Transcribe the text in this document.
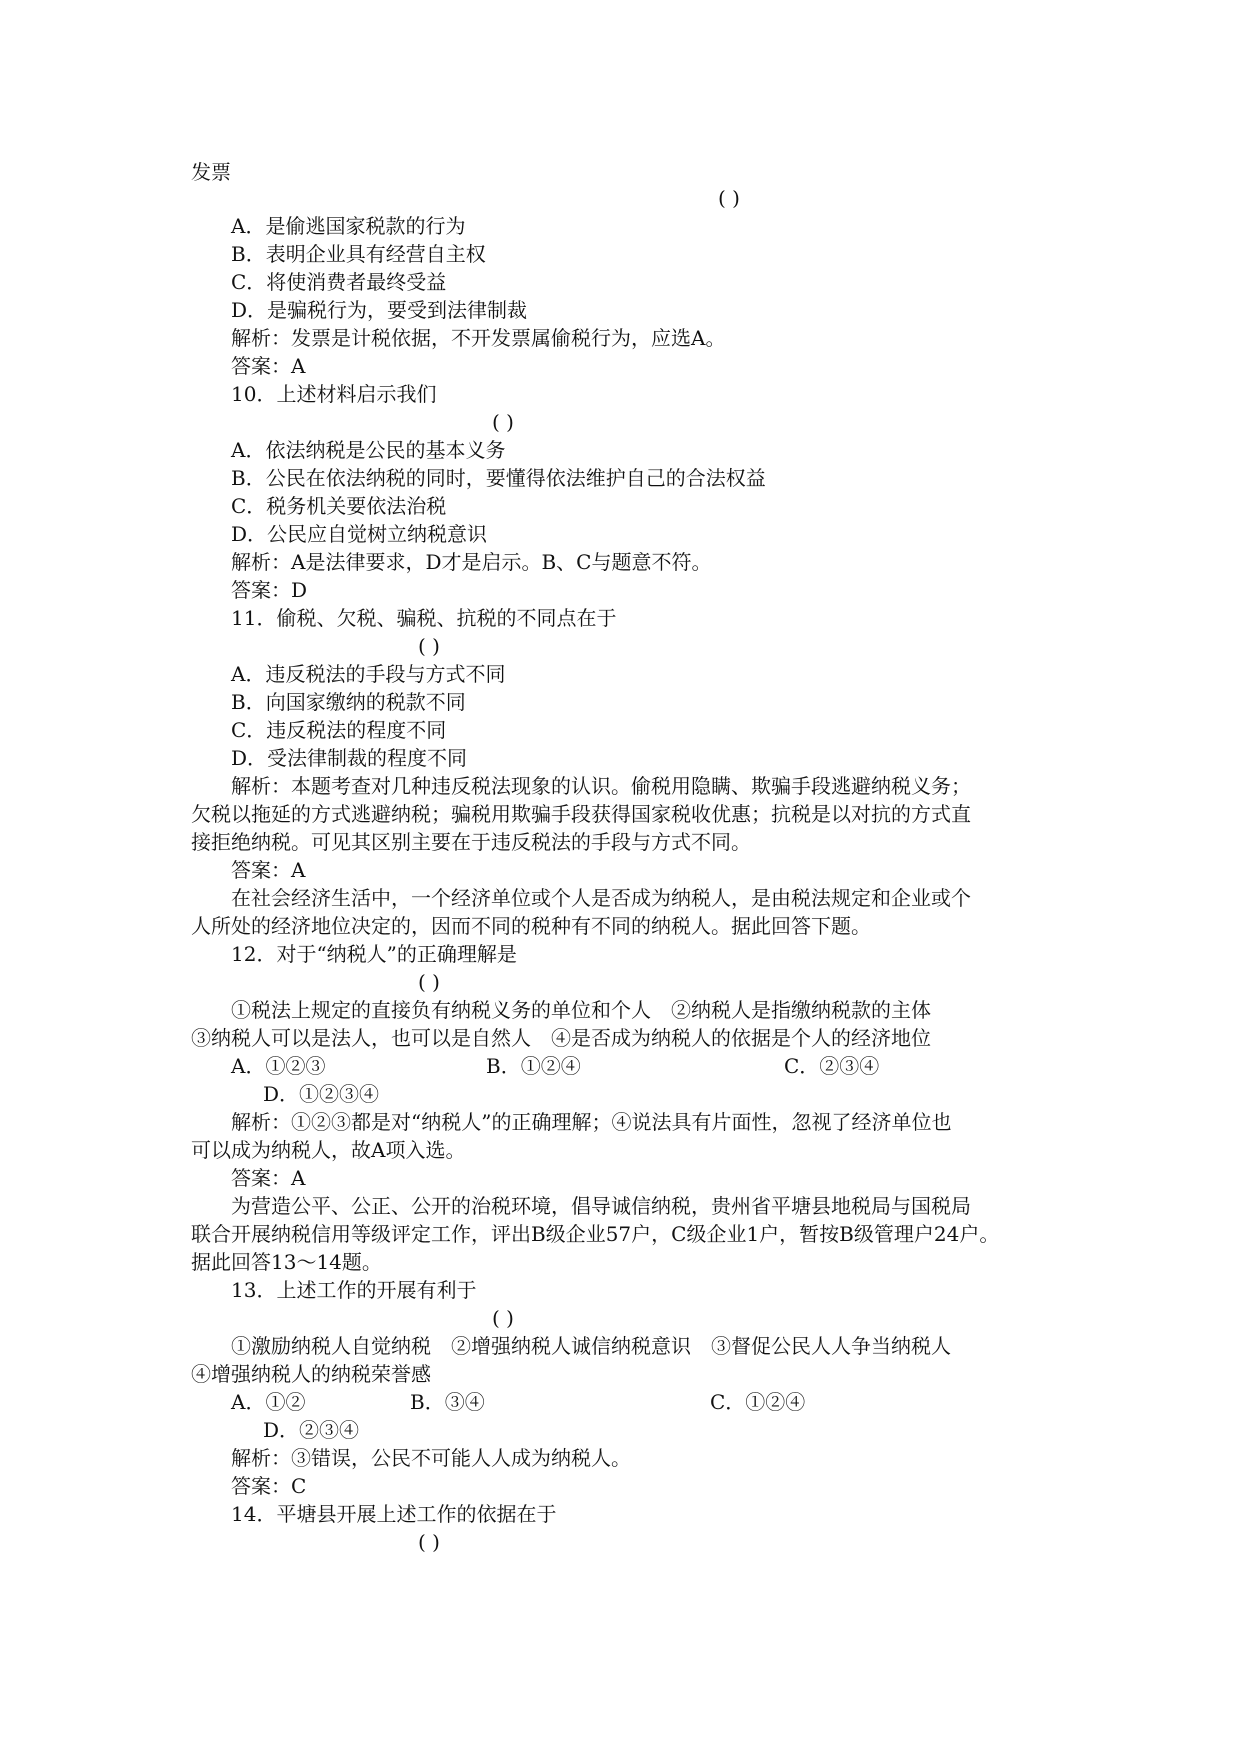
发票
( )
A．是偷逃国家税款的行为
B．表明企业具有经营自主权
C．将使消费者最终受益
D．是骗税行为，要受到法律制裁
解析：发票是计税依据，不开发票属偷税行为，应选A。
答案：A
10．上述材料启示我们
( )
A．依法纳税是公民的基本义务
B．公民在依法纳税的同时，要懂得依法维护自己的合法权益
C．税务机关要依法治税
D．公民应自觉树立纳税意识
解析：A是法律要求，D才是启示。B、C与题意不符。
答案：D
11．偷税、欠税、骗税、抗税的不同点在于
( )
A．违反税法的手段与方式不同
B．向国家缴纳的税款不同
C．违反税法的程度不同
D．受法律制裁的程度不同
解析：本题考查对几种违反税法现象的认识。偷税用隐瞒、欺骗手段逃避纳税义务；
欠税以拖延的方式逃避纳税；骗税用欺骗手段获得国家税收优惠；抗税是以对抗的方式直
接拒绝纳税。可见其区别主要在于违反税法的手段与方式不同。
答案：A
在社会经济生活中，一个经济单位或个人是否成为纳税人，是由税法规定和企业或个
人所处的经济地位决定的，因而不同的税种有不同的纳税人。据此回答下题。
12．对于“纳税人”的正确理解是
( )
①税法上规定的直接负有纳税义务的单位和个人　②纳税人是指缴纳税款的主体
③纳税人可以是法人，也可以是自然人　④是否成为纳税人的依据是个人的经济地位
A．①②③	B．①②④	C．②③④
D．①②③④
解析：①②③都是对“纳税人”的正确理解；④说法具有片面性，忽视了经济单位也
可以成为纳税人，故A项入选。
答案：A
为营造公平、公正、公开的治税环境，倡导诚信纳税，贵州省平塘县地税局与国税局
联合开展纳税信用等级评定工作，评出B级企业57户，C级企业1户，暂按B级管理户24户。
据此回答13～14题。
13．上述工作的开展有利于
( )
①激励纳税人自觉纳税　②增强纳税人诚信纳税意识　③督促公民人人争当纳税人
④增强纳税人的纳税荣誉感
A．①②	B．③④	C．①②④
D．②③④
解析：③错误，公民不可能人人成为纳税人。
答案：C
14．平塘县开展上述工作的依据在于
( )
